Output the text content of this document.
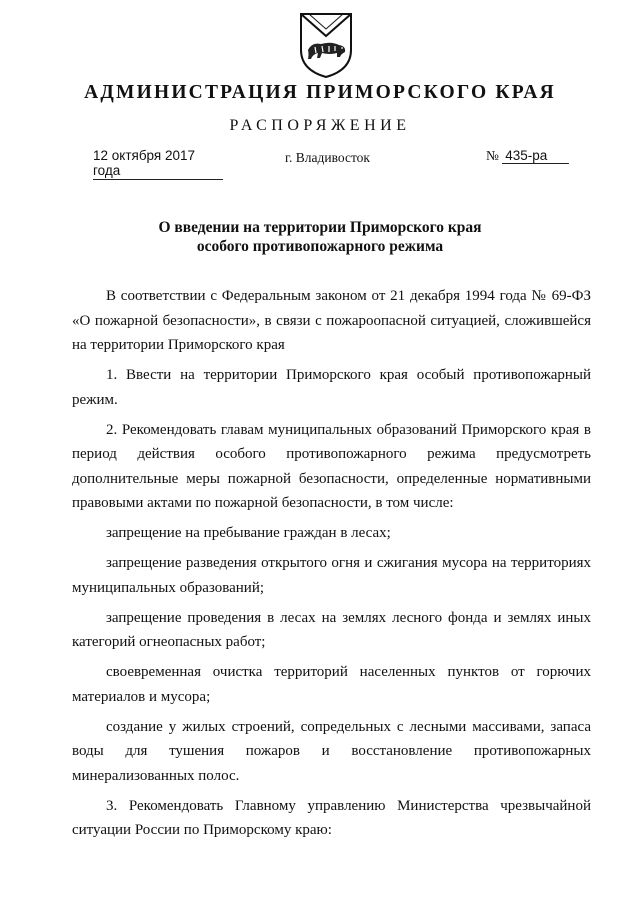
АДМИНИСТРАЦИЯ ПРИМОРСКОГО КРАЯ
РАСПОРЯЖЕНИЕ
12 октября 2017 года
г. Владивосток	№ 435-ра
О введении на территории Приморского края
особого противопожарного режима

В соответствии с Федеральным законом от 21 декабря 1994 года № 69-ФЗ «О пожарной безопасности», в связи с пожароопасной ситуацией, сложившейся на территории Приморского края

1. Ввести на территории Приморского края особый противопожарный режим.

2. Рекомендовать главам муниципальных образований Приморского края в период действия особого противопожарного режима предусмотреть дополнительные меры пожарной безопасности, определенные нормативными правовыми актами по пожарной безопасности, в том числе:

запрещение на пребывание граждан в лесах;

запрещение разведения открытого огня и сжигания мусора на территориях муниципальных образований;

запрещение проведения в лесах на землях лесного фонда и землях иных категорий огнеопасных работ;

своевременная очистка территорий населенных пунктов от горючих материалов и мусора;

создание у жилых строений, сопредельных с лесными массивами, запаса воды для тушения пожаров и восстановление противопожарных минерализованных полос.

3. Рекомендовать Главному управлению Министерства чрезвычайной ситуации России по Приморскому краю:
